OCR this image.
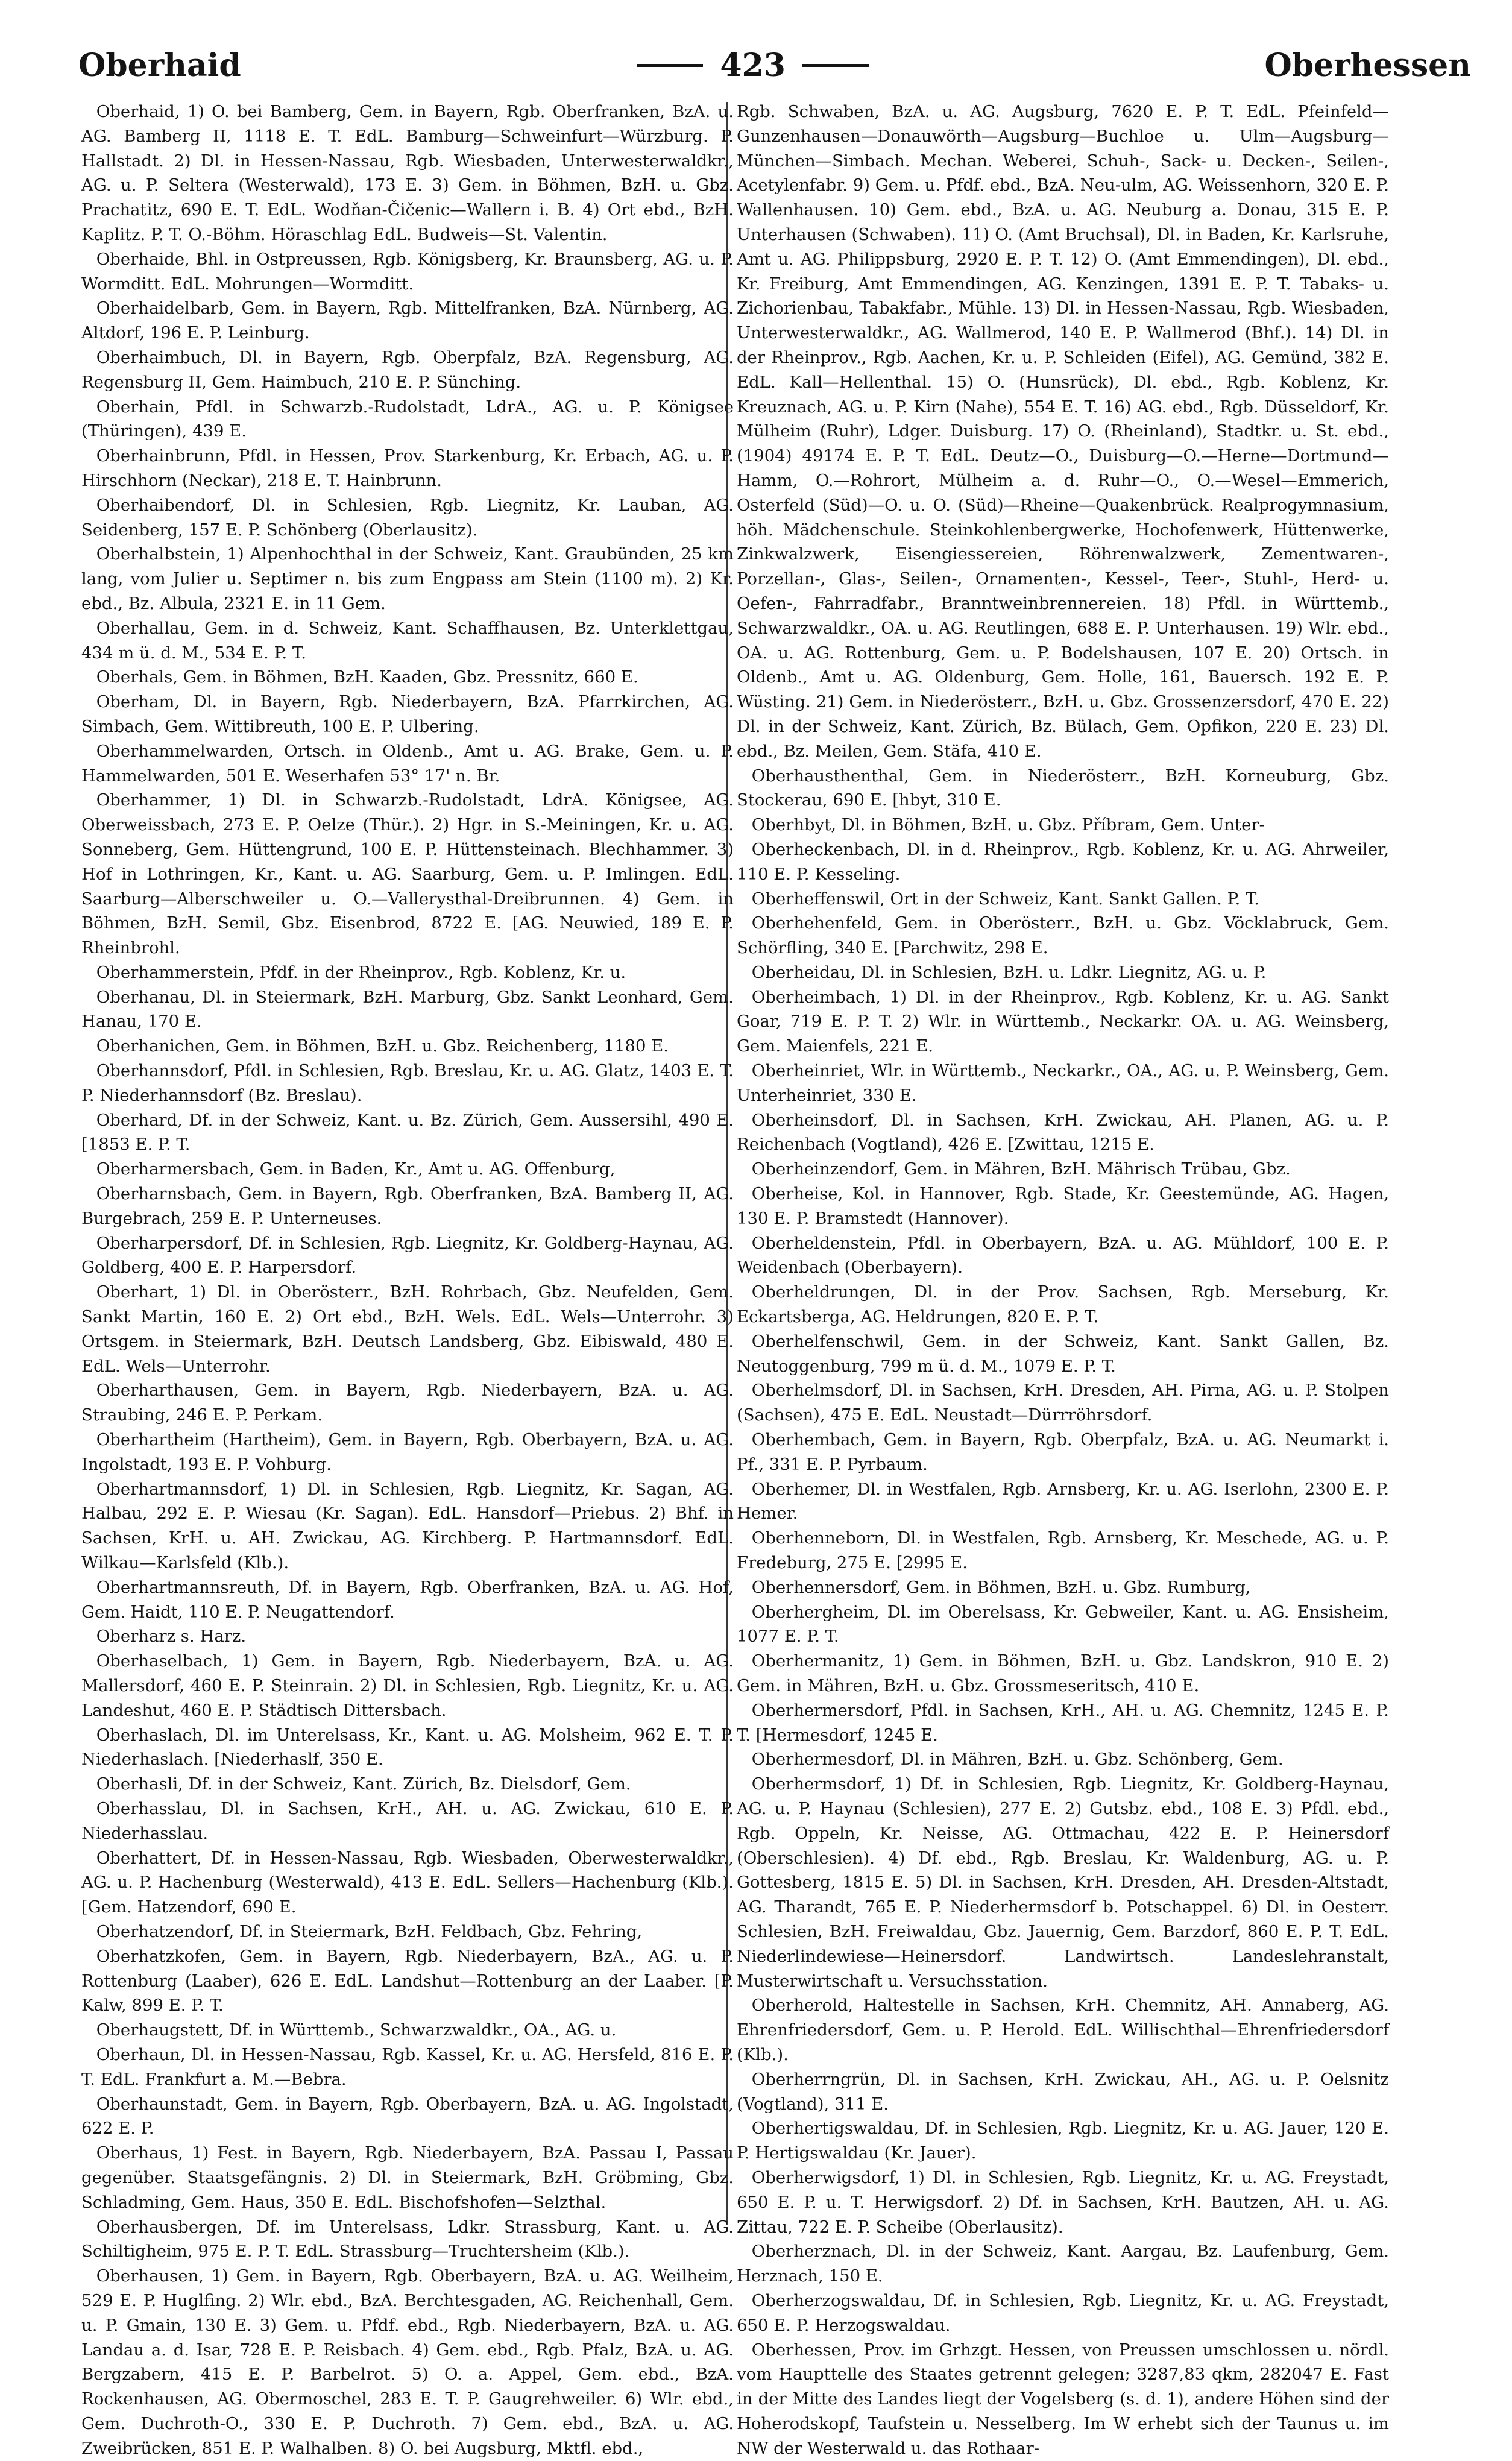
Oberhaid	423	Oberhessen

Oberhaid, 1) O. bei Bamberg, Gem. in Bayern, Rgb. Oberfranken, BzA. u. AG. Bamberg II, 1118 E. T. EdL. Bamburg—Schweinfurt—Würzburg. P. Hallstadt. 2) Dl. in Hessen-Nassau, Rgb. Wiesbaden, Unterwesterwaldkr., AG. u. P. Seltera (Westerwald), 173 E. 3) Gem. in Böhmen, BzH. u. Gbz. Prachatitz, 690 E. T. EdL. Wodňan-Čičenic—Wallern i. B. 4) Ort ebd., BzH. Kaplitz. P. T. O.-Böhm. Höraschlag EdL. Budweis—St. Valentin.

Oberhaide, Bhl. in Ostpreussen, Rgb. Königsberg, Kr. Braunsberg, AG. u. P. Wormditt. EdL. Mohrungen—Wormditt.

Oberhaidelbarb, Gem. in Bayern, Rgb. Mittelfranken, BzA. Nürnberg, AG. Altdorf, 196 E. P. Leinburg.

Oberhaimbuch, Dl. in Bayern, Rgb. Oberpfalz, BzA. Regensburg, AG. Regensburg II, Gem. Haimbuch, 210 E. P. Sünching.

Oberhain, Pfdl. in Schwarzb.-Rudolstadt, LdrA., AG. u. P. Königsee (Thüringen), 439 E.

Oberhainbrunn, Pfdl. in Hessen, Prov. Starkenburg, Kr. Erbach, AG. u. P. Hirschhorn (Neckar), 218 E. T. Hainbrunn.

Oberhaibendorf, Dl. in Schlesien, Rgb. Liegnitz, Kr. Lauban, AG. Seidenberg, 157 E. P. Schönberg (Oberlausitz).

Oberhalbstein, 1) Alpenhochthal in der Schweiz, Kant. Graubünden, 25 km lang, vom Julier u. Septimer n. bis zum Engpass am Stein (1100 m). 2) Kr. ebd., Bz. Albula, 2321 E. in 11 Gem.

Oberhallau, Gem. in d. Schweiz, Kant. Schaffhausen, Bz. Unterklettgau, 434 m ü. d. M., 534 E. P. T.

Oberhals, Gem. in Böhmen, BzH. Kaaden, Gbz. Pressnitz, 660 E.

Oberham, Dl. in Bayern, Rgb. Niederbayern, BzA. Pfarrkirchen, AG. Simbach, Gem. Wittibreuth, 100 E. P. Ulbering.

Oberhammelwarden, Ortsch. in Oldenb., Amt u. AG. Brake, Gem. u. P. Hammelwarden, 501 E. Weserhafen 53° 17' n. Br.

Oberhammer, 1) Dl. in Schwarzb.-Rudolstadt, LdrA. Königsee, AG. Oberweissbach, 273 E. P. Oelze (Thür.). 2) Hgr. in S.-Meiningen, Kr. u. AG. Sonneberg, Gem. Hüttengrund, 100 E. P. Hüttensteinach. Blechhammer. 3) Hof in Lothringen, Kr., Kant. u. AG. Saarburg, Gem. u. P. Imlingen. EdL. Saarburg—Alberschweiler u. O.—Vallerysthal-Dreibrunnen. 4) Gem. in Böhmen, BzH. Semil, Gbz. Eisenbrod, 8722 E. [AG. Neuwied, 189 E. P. Rheinbrohl.

Oberhammerstein, Pfdf. in der Rheinprov., Rgb. Koblenz, Kr. u.

Oberhanau, Dl. in Steiermark, BzH. Marburg, Gbz. Sankt Leonhard, Gem. Hanau, 170 E.

Oberhanichen, Gem. in Böhmen, BzH. u. Gbz. Reichenberg, 1180 E.

Oberhannsdorf, Pfdl. in Schlesien, Rgb. Breslau, Kr. u. AG. Glatz, 1403 E. T. P. Niederhannsdorf (Bz. Breslau).

Oberhard, Df. in der Schweiz, Kant. u. Bz. Zürich, Gem. Aussersihl, 490 E. [1853 E. P. T.

Oberharmersbach, Gem. in Baden, Kr., Amt u. AG. Offenburg,

Oberharnsbach, Gem. in Bayern, Rgb. Oberfranken, BzA. Bamberg II, AG. Burgebrach, 259 E. P. Unterneuses.

Oberharpersdorf, Df. in Schlesien, Rgb. Liegnitz, Kr. Goldberg-Haynau, AG. Goldberg, 400 E. P. Harpersdorf.

Oberhart, 1) Dl. in Oberösterr., BzH. Rohrbach, Gbz. Neufelden, Gem. Sankt Martin, 160 E. 2) Ort ebd., BzH. Wels. EdL. Wels—Unterrohr. 3) Ortsgem. in Steiermark, BzH. Deutsch Landsberg, Gbz. Eibiswald, 480 E. EdL. Wels—Unterrohr.

Oberharthausen, Gem. in Bayern, Rgb. Niederbayern, BzA. u. AG. Straubing, 246 E. P. Perkam.

Oberhartheim (Hartheim), Gem. in Bayern, Rgb. Oberbayern, BzA. u. AG. Ingolstadt, 193 E. P. Vohburg.

Oberhartmannsdorf, 1) Dl. in Schlesien, Rgb. Liegnitz, Kr. Sagan, AG. Halbau, 292 E. P. Wiesau (Kr. Sagan). EdL. Hansdorf—Priebus. 2) Bhf. in Sachsen, KrH. u. AH. Zwickau, AG. Kirchberg. P. Hartmannsdorf. EdL. Wilkau—Karlsfeld (Klb.).

Oberhartmannsreuth, Df. in Bayern, Rgb. Oberfranken, BzA. u. AG. Hof, Gem. Haidt, 110 E. P. Neugattendorf.

Oberharz s. Harz.

Oberhaselbach, 1) Gem. in Bayern, Rgb. Niederbayern, BzA. u. AG. Mallersdorf, 460 E. P. Steinrain. 2) Dl. in Schlesien, Rgb. Liegnitz, Kr. u. AG. Landeshut, 460 E. P. Städtisch Dittersbach.

Oberhaslach, Dl. im Unterelsass, Kr., Kant. u. AG. Molsheim, 962 E. T. P. Niederhaslach. [Niederhaslf, 350 E.

Oberhasli, Df. in der Schweiz, Kant. Zürich, Bz. Dielsdorf, Gem.

Oberhasslau, Dl. in Sachsen, KrH., AH. u. AG. Zwickau, 610 E. P. Niederhasslau.

Oberhattert, Df. in Hessen-Nassau, Rgb. Wiesbaden, Oberwesterwaldkr., AG. u. P. Hachenburg (Westerwald), 413 E. EdL. Sellers—Hachenburg (Klb.). [Gem. Hatzendorf, 690 E.

Oberhatzendorf, Df. in Steiermark, BzH. Feldbach, Gbz. Fehring,

Oberhatzkofen, Gem. in Bayern, Rgb. Niederbayern, BzA., AG. u. P. Rottenburg (Laaber), 626 E. EdL. Landshut—Rottenburg an der Laaber. [P. Kalw, 899 E. P. T.

Oberhaugstett, Df. in Württemb., Schwarzwaldkr., OA., AG. u.

Oberhaun, Dl. in Hessen-Nassau, Rgb. Kassel, Kr. u. AG. Hersfeld, 816 E. P. T. EdL. Frankfurt a. M.—Bebra.

Oberhaunstadt, Gem. in Bayern, Rgb. Oberbayern, BzA. u. AG. Ingolstadt, 622 E. P.

Oberhaus, 1) Fest. in Bayern, Rgb. Niederbayern, BzA. Passau I, Passau gegenüber. Staatsgefängnis. 2) Dl. in Steiermark, BzH. Gröbming, Gbz. Schladming, Gem. Haus, 350 E. EdL. Bischofshofen—Selzthal.

Oberhausbergen, Df. im Unterelsass, Ldkr. Strassburg, Kant. u. AG. Schiltigheim, 975 E. P. T. EdL. Strassburg—Truchtersheim (Klb.).

Oberhausen, 1) Gem. in Bayern, Rgb. Oberbayern, BzA. u. AG. Weilheim, 529 E. P. Huglfing. 2) Wlr. ebd., BzA. Berchtesgaden, AG. Reichenhall, Gem. u. P. Gmain, 130 E. 3) Gem. u. Pfdf. ebd., Rgb. Niederbayern, BzA. u. AG. Landau a. d. Isar, 728 E. P. Reisbach. 4) Gem. ebd., Rgb. Pfalz, BzA. u. AG. Bergzabern, 415 E. P. Barbelrot. 5) O. a. Appel, Gem. ebd., BzA. Rockenhausen, AG. Obermoschel, 283 E. T. P. Gaugrehweiler. 6) Wlr. ebd., Gem. Duchroth-O., 330 E. P. Duchroth. 7) Gem. ebd., BzA. u. AG. Zweibrücken, 851 E. P. Walhalben. 8) O. bei Augsburg, Mktfl. ebd.,

Rgb. Schwaben, BzA. u. AG. Augsburg, 7620 E. P. T. EdL. Pfeinfeld—Gunzenhausen—Donauwörth—Augsburg—Buchloe u. Ulm—Augsburg—München—Simbach. Mechan. Weberei, Schuh-, Sack- u. Decken-, Seilen-, Acetylenfabr. 9) Gem. u. Pfdf. ebd., BzA. Neu-ulm, AG. Weissenhorn, 320 E. P. Wallenhausen. 10) Gem. ebd., BzA. u. AG. Neuburg a. Donau, 315 E. P. Unterhausen (Schwaben). 11) O. (Amt Bruchsal), Dl. in Baden, Kr. Karlsruhe, Amt u. AG. Philippsburg, 2920 E. P. T. 12) O. (Amt Emmendingen), Dl. ebd., Kr. Freiburg, Amt Emmendingen, AG. Kenzingen, 1391 E. P. T. Tabaks- u. Zichorienbau, Tabakfabr., Mühle. 13) Dl. in Hessen-Nassau, Rgb. Wiesbaden, Unterwesterwaldkr., AG. Wallmerod, 140 E. P. Wallmerod (Bhf.). 14) Dl. in der Rheinprov., Rgb. Aachen, Kr. u. P. Schleiden (Eifel), AG. Gemünd, 382 E. EdL. Kall—Hellenthal. 15) O. (Hunsrück), Dl. ebd., Rgb. Koblenz, Kr. Kreuznach, AG. u. P. Kirn (Nahe), 554 E. T. 16) AG. ebd., Rgb. Düsseldorf, Kr. Mülheim (Ruhr), Ldger. Duisburg. 17) O. (Rheinland), Stadtkr. u. St. ebd., (1904) 49174 E. P. T. EdL. Deutz—O., Duisburg—O.—Herne—Dortmund—Hamm, O.—Rohrort, Mülheim a. d. Ruhr—O., O.—Wesel—Emmerich, Osterfeld (Süd)—O. u. O. (Süd)—Rheine—Quakenbrück. Realprogymnasium, höh. Mädchenschule. Steinkohlenbergwerke, Hochofenwerk, Hüttenwerke, Zinkwalzwerk, Eisengiessereien, Röhrenwalzwerk, Zementwaren-, Porzellan-, Glas-, Seilen-, Ornamenten-, Kessel-, Teer-, Stuhl-, Herd- u. Oefen-, Fahrradfabr., Branntweinbrennereien. 18) Pfdl. in Württemb., Schwarzwaldkr., OA. u. AG. Reutlingen, 688 E. P. Unterhausen. 19) Wlr. ebd., OA. u. AG. Rottenburg, Gem. u. P. Bodelshausen, 107 E. 20) Ortsch. in Oldenb., Amt u. AG. Oldenburg, Gem. Holle, 161, Bauersch. 192 E. P. Wüsting. 21) Gem. in Niederösterr., BzH. u. Gbz. Grossenzersdorf, 470 E. 22) Dl. in der Schweiz, Kant. Zürich, Bz. Bülach, Gem. Opfikon, 220 E. 23) Dl. ebd., Bz. Meilen, Gem. Stäfa, 410 E.

Oberhausthenthal, Gem. in Niederösterr., BzH. Korneuburg, Gbz. Stockerau, 690 E. [hbyt, 310 E.

Oberhbyt, Dl. in Böhmen, BzH. u. Gbz. Příbram, Gem. Unter-

Oberheckenbach, Dl. in d. Rheinprov., Rgb. Koblenz, Kr. u. AG. Ahrweiler, 110 E. P. Kesseling.

Oberheffenswil, Ort in der Schweiz, Kant. Sankt Gallen. P. T.

Oberhehenfeld, Gem. in Oberösterr., BzH. u. Gbz. Vöcklabruck, Gem. Schörfling, 340 E. [Parchwitz, 298 E.

Oberheidau, Dl. in Schlesien, BzH. u. Ldkr. Liegnitz, AG. u. P.

Oberheimbach, 1) Dl. in der Rheinprov., Rgb. Koblenz, Kr. u. AG. Sankt Goar, 719 E. P. T. 2) Wlr. in Württemb., Neckarkr. OA. u. AG. Weinsberg, Gem. Maienfels, 221 E.

Oberheinriet, Wlr. in Württemb., Neckarkr., OA., AG. u. P. Weinsberg, Gem. Unterheinriet, 330 E.

Oberheinsdorf, Dl. in Sachsen, KrH. Zwickau, AH. Planen, AG. u. P. Reichenbach (Vogtland), 426 E. [Zwittau, 1215 E.

Oberheinzendorf, Gem. in Mähren, BzH. Mährisch Trübau, Gbz.

Oberheise, Kol. in Hannover, Rgb. Stade, Kr. Geestemünde, AG. Hagen, 130 E. P. Bramstedt (Hannover).

Oberheldenstein, Pfdl. in Oberbayern, BzA. u. AG. Mühldorf, 100 E. P. Weidenbach (Oberbayern).

Oberheldrungen, Dl. in der Prov. Sachsen, Rgb. Merseburg, Kr. Eckartsberga, AG. Heldrungen, 820 E. P. T.

Oberhelfenschwil, Gem. in der Schweiz, Kant. Sankt Gallen, Bz. Neutoggenburg, 799 m ü. d. M., 1079 E. P. T.

Oberhelmsdorf, Dl. in Sachsen, KrH. Dresden, AH. Pirna, AG. u. P. Stolpen (Sachsen), 475 E. EdL. Neustadt—Dürrröhrsdorf.

Oberhembach, Gem. in Bayern, Rgb. Oberpfalz, BzA. u. AG. Neumarkt i. Pf., 331 E. P. Pyrbaum.

Oberhemer, Dl. in Westfalen, Rgb. Arnsberg, Kr. u. AG. Iserlohn, 2300 E. P. Hemer.

Oberhenneborn, Dl. in Westfalen, Rgb. Arnsberg, Kr. Meschede, AG. u. P. Fredeburg, 275 E. [2995 E.

Oberhennersdorf, Gem. in Böhmen, BzH. u. Gbz. Rumburg,

Oberhergheim, Dl. im Oberelsass, Kr. Gebweiler, Kant. u. AG. Ensisheim, 1077 E. P. T.

Oberhermanitz, 1) Gem. in Böhmen, BzH. u. Gbz. Landskron, 910 E. 2) Gem. in Mähren, BzH. u. Gbz. Grossmeseritsch, 410 E.

Oberhermersdorf, Pfdl. in Sachsen, KrH., AH. u. AG. Chemnitz, 1245 E. P. T. [Hermesdorf, 1245 E.

Oberhermesdorf, Dl. in Mähren, BzH. u. Gbz. Schönberg, Gem.

Oberhermsdorf, 1) Df. in Schlesien, Rgb. Liegnitz, Kr. Goldberg-Haynau, AG. u. P. Haynau (Schlesien), 277 E. 2) Gutsbz. ebd., 108 E. 3) Pfdl. ebd., Rgb. Oppeln, Kr. Neisse, AG. Ottmachau, 422 E. P. Heinersdorf (Oberschlesien). 4) Df. ebd., Rgb. Breslau, Kr. Waldenburg, AG. u. P. Gottesberg, 1815 E. 5) Dl. in Sachsen, KrH. Dresden, AH. Dresden-Altstadt, AG. Tharandt, 765 E. P. Niederhermsdorf b. Potschappel. 6) Dl. in Oesterr. Schlesien, BzH. Freiwaldau, Gbz. Jauernig, Gem. Barzdorf, 860 E. P. T. EdL. Niederlindewiese—Heinersdorf. Landwirtsch. Landeslehranstalt, Musterwirtschaft u. Versuchsstation.

Oberherold, Haltestelle in Sachsen, KrH. Chemnitz, AH. Annaberg, AG. Ehrenfriedersdorf, Gem. u. P. Herold. EdL. Willischthal—Ehrenfriedersdorf (Klb.).

Oberherrngrün, Dl. in Sachsen, KrH. Zwickau, AH., AG. u. P. Oelsnitz (Vogtland), 311 E.

Oberhertigswaldau, Df. in Schlesien, Rgb. Liegnitz, Kr. u. AG. Jauer, 120 E. P. Hertigswaldau (Kr. Jauer).

Oberherwigsdorf, 1) Dl. in Schlesien, Rgb. Liegnitz, Kr. u. AG. Freystadt, 650 E. P. u. T. Herwigsdorf. 2) Df. in Sachsen, KrH. Bautzen, AH. u. AG. Zittau, 722 E. P. Scheibe (Oberlausitz).

Oberherznach, Dl. in der Schweiz, Kant. Aargau, Bz. Laufenburg, Gem. Herznach, 150 E.

Oberherzogswaldau, Df. in Schlesien, Rgb. Liegnitz, Kr. u. AG. Freystadt, 650 E. P. Herzogswaldau.

Oberhessen, Prov. im Grhzgt. Hessen, von Preussen umschlossen u. nördl. vom Haupttelle des Staates getrennt gelegen; 3287,83 qkm, 282047 E. Fast in der Mitte des Landes liegt der Vogelsberg (s. d. 1), andere Höhen sind der Hoherodskopf, Taufstein u. Nesselberg. Im W erhebt sich der Taunus u. im NW der Westerwald u. das Rothaar-
